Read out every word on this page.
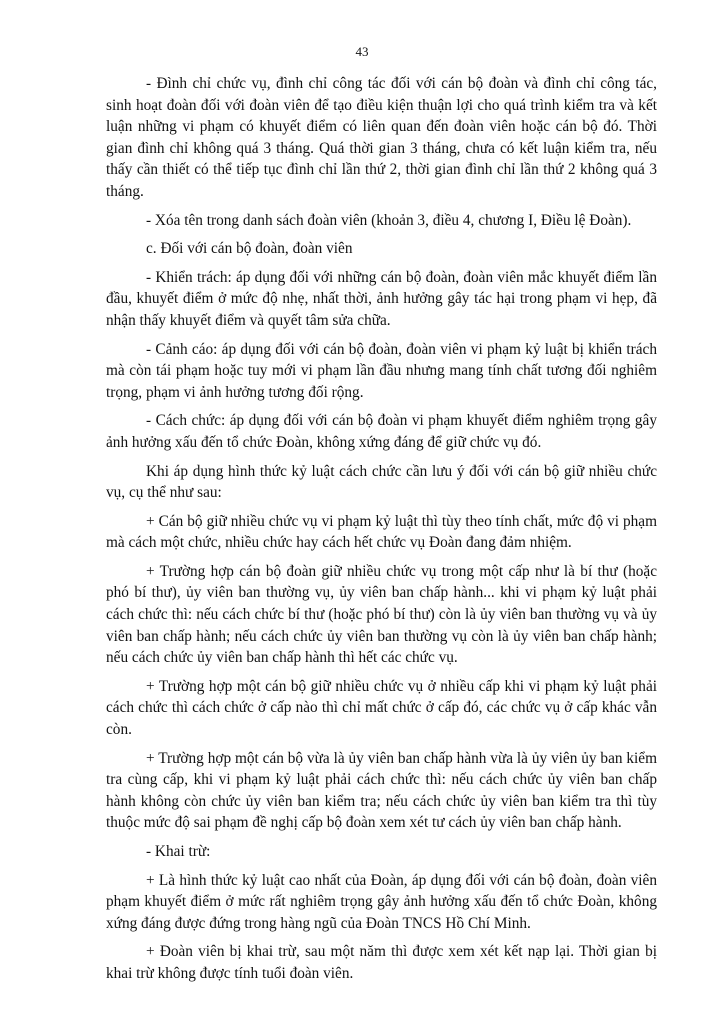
43

- Đình chỉ chức vụ, đình chỉ công tác đối với cán bộ đoàn và đình chỉ công tác, sinh hoạt đoàn đối với đoàn viên để tạo điều kiện thuận lợi cho quá trình kiểm tra và kết luận những vi phạm có khuyết điểm có liên quan đến đoàn viên hoặc cán bộ đó. Thời gian đình chỉ không quá 3 tháng. Quá thời gian 3 tháng, chưa có kết luận kiểm tra, nếu thấy cần thiết có thể tiếp tục đình chỉ lần thứ 2, thời gian đình chỉ lần thứ 2 không quá 3 tháng.

- Xóa tên trong danh sách đoàn viên (khoản 3, điều 4, chương I, Điều lệ Đoàn).

c. Đối với cán bộ đoàn, đoàn viên

- Khiển trách: áp dụng đối với những cán bộ đoàn, đoàn viên mắc khuyết điểm lần đầu, khuyết điểm ở mức độ nhẹ, nhất thời, ảnh hưởng gây tác hại trong phạm vi hẹp, đã nhận thấy khuyết điểm và quyết tâm sửa chữa.

- Cảnh cáo: áp dụng đối với cán bộ đoàn, đoàn viên vi phạm kỷ luật bị khiển trách mà còn tái phạm hoặc tuy mới vi phạm lần đầu nhưng mang tính chất tương đối nghiêm trọng, phạm vi ảnh hưởng tương đối rộng.

- Cách chức: áp dụng đối với cán bộ đoàn vi phạm khuyết điểm nghiêm trọng gây ảnh hưởng xấu đến tổ chức Đoàn, không xứng đáng để giữ chức vụ đó.

Khi áp dụng hình thức kỷ luật cách chức cần lưu ý đối với cán bộ giữ nhiều chức vụ, cụ thể như sau:

+ Cán bộ giữ nhiều chức vụ vi phạm kỷ luật thì tùy theo tính chất, mức độ vi phạm mà cách một chức, nhiều chức hay cách hết chức vụ Đoàn đang đảm nhiệm.

+ Trường hợp cán bộ đoàn giữ nhiều chức vụ trong một cấp như là bí thư (hoặc phó bí thư), ủy viên ban thường vụ, ủy viên ban chấp hành... khi vi phạm kỷ luật phải cách chức thì: nếu cách chức bí thư (hoặc phó bí thư) còn là ủy viên ban thường vụ và ủy viên ban chấp hành; nếu cách chức ủy viên ban thường vụ còn là ủy viên ban chấp hành; nếu cách chức ủy viên ban chấp hành thì hết các chức vụ.

+ Trường hợp một cán bộ giữ nhiều chức vụ ở nhiều cấp khi vi phạm kỷ luật phải cách chức thì cách chức ở cấp nào thì chỉ mất chức ở cấp đó, các chức vụ ở cấp khác vẫn còn.

+ Trường hợp một cán bộ vừa là ủy viên ban chấp hành vừa là ủy viên ủy ban kiểm tra cùng cấp, khi vi phạm kỷ luật phải cách chức thì: nếu cách chức ủy viên ban chấp hành không còn chức ủy viên ban kiểm tra; nếu cách chức ủy viên ban kiểm tra thì tùy thuộc mức độ sai phạm đề nghị cấp bộ đoàn xem xét tư cách ủy viên ban chấp hành.

- Khai trừ:

+ Là hình thức kỷ luật cao nhất của Đoàn, áp dụng đối với cán bộ đoàn, đoàn viên phạm khuyết điểm ở mức rất nghiêm trọng gây ảnh hưởng xấu đến tổ chức Đoàn, không xứng đáng được đứng trong hàng ngũ của Đoàn TNCS Hồ Chí Minh.

+ Đoàn viên bị khai trừ, sau một năm thì được xem xét kết nạp lại. Thời gian bị khai trừ không được tính tuổi đoàn viên.
